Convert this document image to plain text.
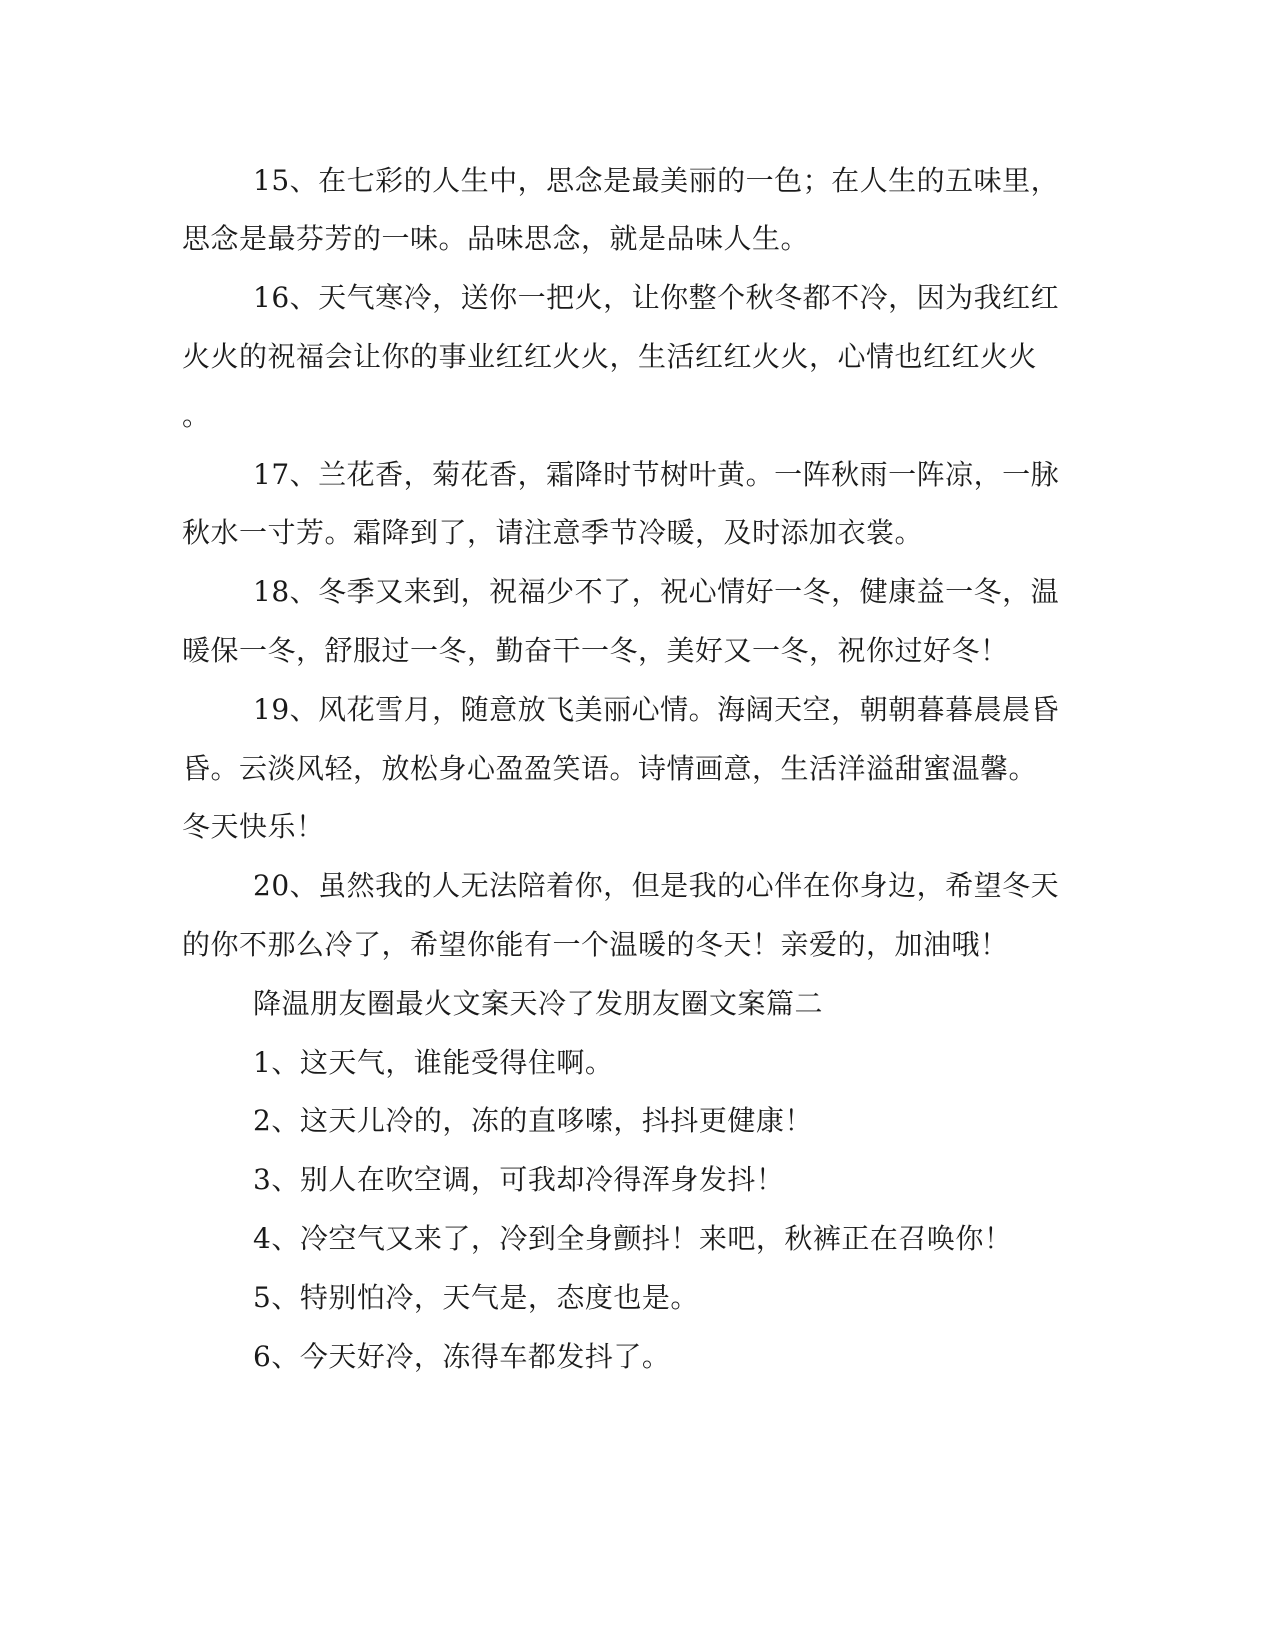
15、在七彩的人生中，思念是最美丽的一色；在人生的五味里，

思念是最芬芳的一味。品味思念，就是品味人生。

16、天气寒冷，送你一把火，让你整个秋冬都不冷，因为我红红

火火的祝福会让你的事业红红火火，生活红红火火，心情也红红火火

。

17、兰花香，菊花香，霜降时节树叶黄。一阵秋雨一阵凉，一脉

秋水一寸芳。霜降到了，请注意季节冷暖，及时添加衣裳。

18、冬季又来到，祝福少不了，祝心情好一冬，健康益一冬，温

暖保一冬，舒服过一冬，勤奋干一冬，美好又一冬，祝你过好冬！

19、风花雪月，随意放飞美丽心情。海阔天空，朝朝暮暮晨晨昏

昏。云淡风轻，放松身心盈盈笑语。诗情画意，生活洋溢甜蜜温馨。

冬天快乐！

20、虽然我的人无法陪着你，但是我的心伴在你身边，希望冬天

的你不那么冷了，希望你能有一个温暖的冬天！亲爱的，加油哦！

降温朋友圈最火文案天冷了发朋友圈文案篇二

1、这天气，谁能受得住啊。

2、这天儿冷的，冻的直哆嗦，抖抖更健康！

3、别人在吹空调，可我却冷得浑身发抖！

4、冷空气又来了，冷到全身颤抖！来吧，秋裤正在召唤你！

5、特别怕冷，天气是，态度也是。

6、今天好冷，冻得车都发抖了。
